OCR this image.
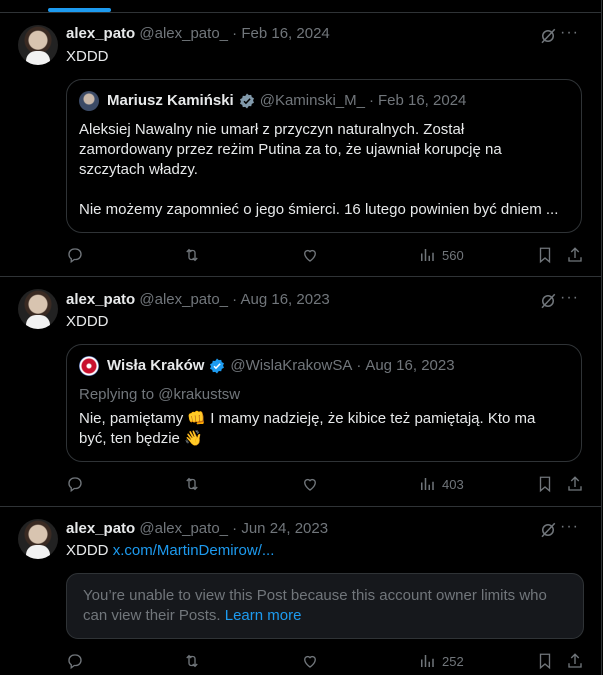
alex_pato @alex_pato_ · Feb 16, 2024	···
XDDD
Mariusz Kamiński @Kaminski_M_ · Feb 16, 2024
Aleksiej Nawalny nie umarł z przyczyn naturalnych. Został
zamordowany przez reżim Putina za to, że ujawniał korupcję na
szczytach władzy.
Nie możemy zapomnieć o jego śmierci. 16 lutego powinien być dniem ...
560
alex_pato @alex_pato_ · Aug 16, 2023	···
XDDD
Wisła Kraków @WislaKrakowSA · Aug 16, 2023
Replying to @krakustsw
Nie, pamiętamy 👊 I mamy nadzieję, że kibice też pamiętają. Kto ma
być, ten będzie 👋
403
alex_pato @alex_pato_ · Jun 24, 2023	···
XDDD x.com/MartinDemirow/...
You’re unable to view this Post because this account owner limits who can view their Posts. Learn more
252
